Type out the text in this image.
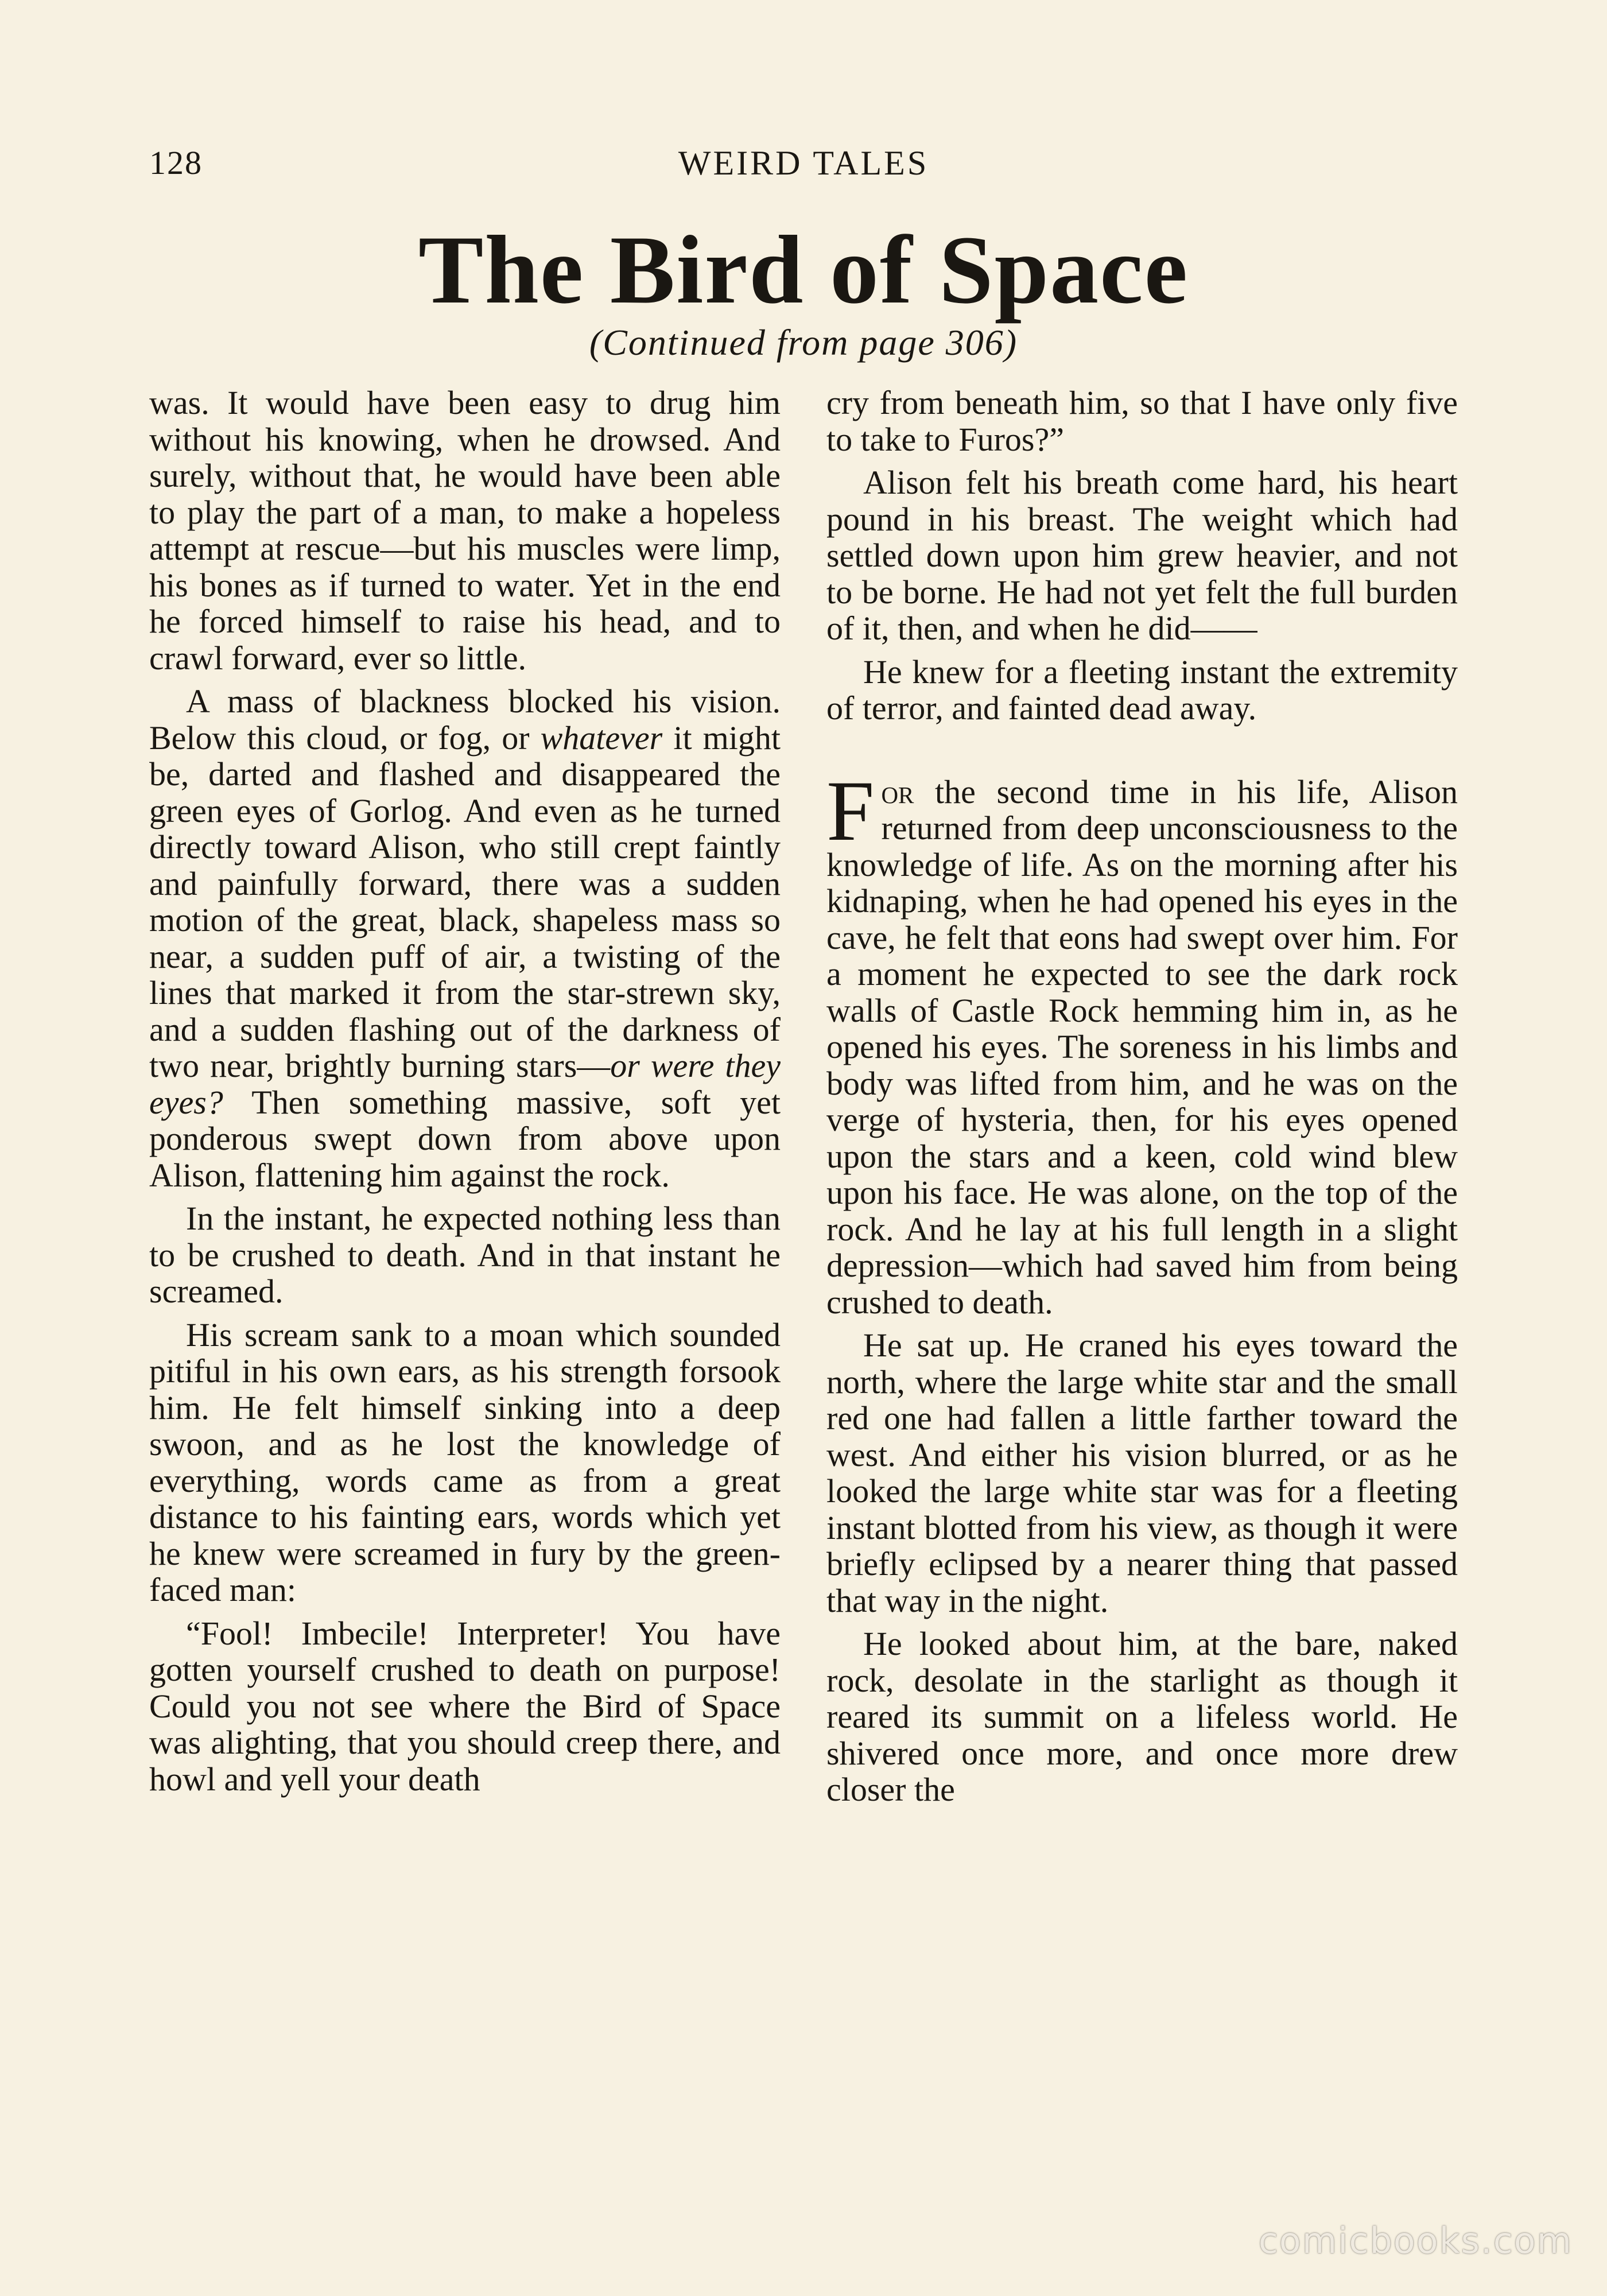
128	WEIRD TALES
The Bird of Space
(Continued from page 306)

was. It would have been easy to drug him without his knowing, when he drowsed. And surely, without that, he would have been able to play the part of a man, to make a hopeless attempt at rescue—but his muscles were limp, his bones as if turned to water. Yet in the end he forced himself to raise his head, and to crawl forward, ever so little.

A mass of blackness blocked his vision. Below this cloud, or fog, or whatever it might be, darted and flashed and disappeared the green eyes of Gorlog. And even as he turned directly toward Alison, who still crept faintly and painfully forward, there was a sudden motion of the great, black, shapeless mass so near, a sudden puff of air, a twisting of the lines that marked it from the star-strewn sky, and a sudden flashing out of the darkness of two near, brightly burning stars—or were they eyes? Then something massive, soft yet ponderous swept down from above upon Alison, flattening him against the rock.

In the instant, he expected nothing less than to be crushed to death. And in that instant he screamed.

His scream sank to a moan which sounded pitiful in his own ears, as his strength forsook him. He felt himself sinking into a deep swoon, and as he lost the knowledge of everything, words came as from a great distance to his fainting ears, words which yet he knew were screamed in fury by the green-faced man:

“Fool! Imbecile! Interpreter! You have gotten yourself crushed to death on purpose! Could you not see where the Bird of Space was alighting, that you should creep there, and howl and yell your death

cry from beneath him, so that I have only five to take to Furos?”

Alison felt his breath come hard, his heart pound in his breast. The weight which had settled down upon him grew heavier, and not to be borne. He had not yet felt the full burden of it, then, and when he did——

He knew for a fleeting instant the extremity of terror, and fainted dead away.

For the second time in his life, Alison returned from deep unconsciousness to the knowledge of life. As on the morning after his kidnaping, when he had opened his eyes in the cave, he felt that eons had swept over him. For a moment he expected to see the dark rock walls of Castle Rock hemming him in, as he opened his eyes. The soreness in his limbs and body was lifted from him, and he was on the verge of hysteria, then, for his eyes opened upon the stars and a keen, cold wind blew upon his face. He was alone, on the top of the rock. And he lay at his full length in a slight depression—which had saved him from being crushed to death.

He sat up. He craned his eyes toward the north, where the large white star and the small red one had fallen a little farther toward the west. And either his vision blurred, or as he looked the large white star was for a fleeting instant blotted from his view, as though it were briefly eclipsed by a nearer thing that passed that way in the night.

He looked about him, at the bare, naked rock, desolate in the starlight as though it reared its summit on a lifeless world. He shivered once more, and once more drew closer the

comicbooks.com
